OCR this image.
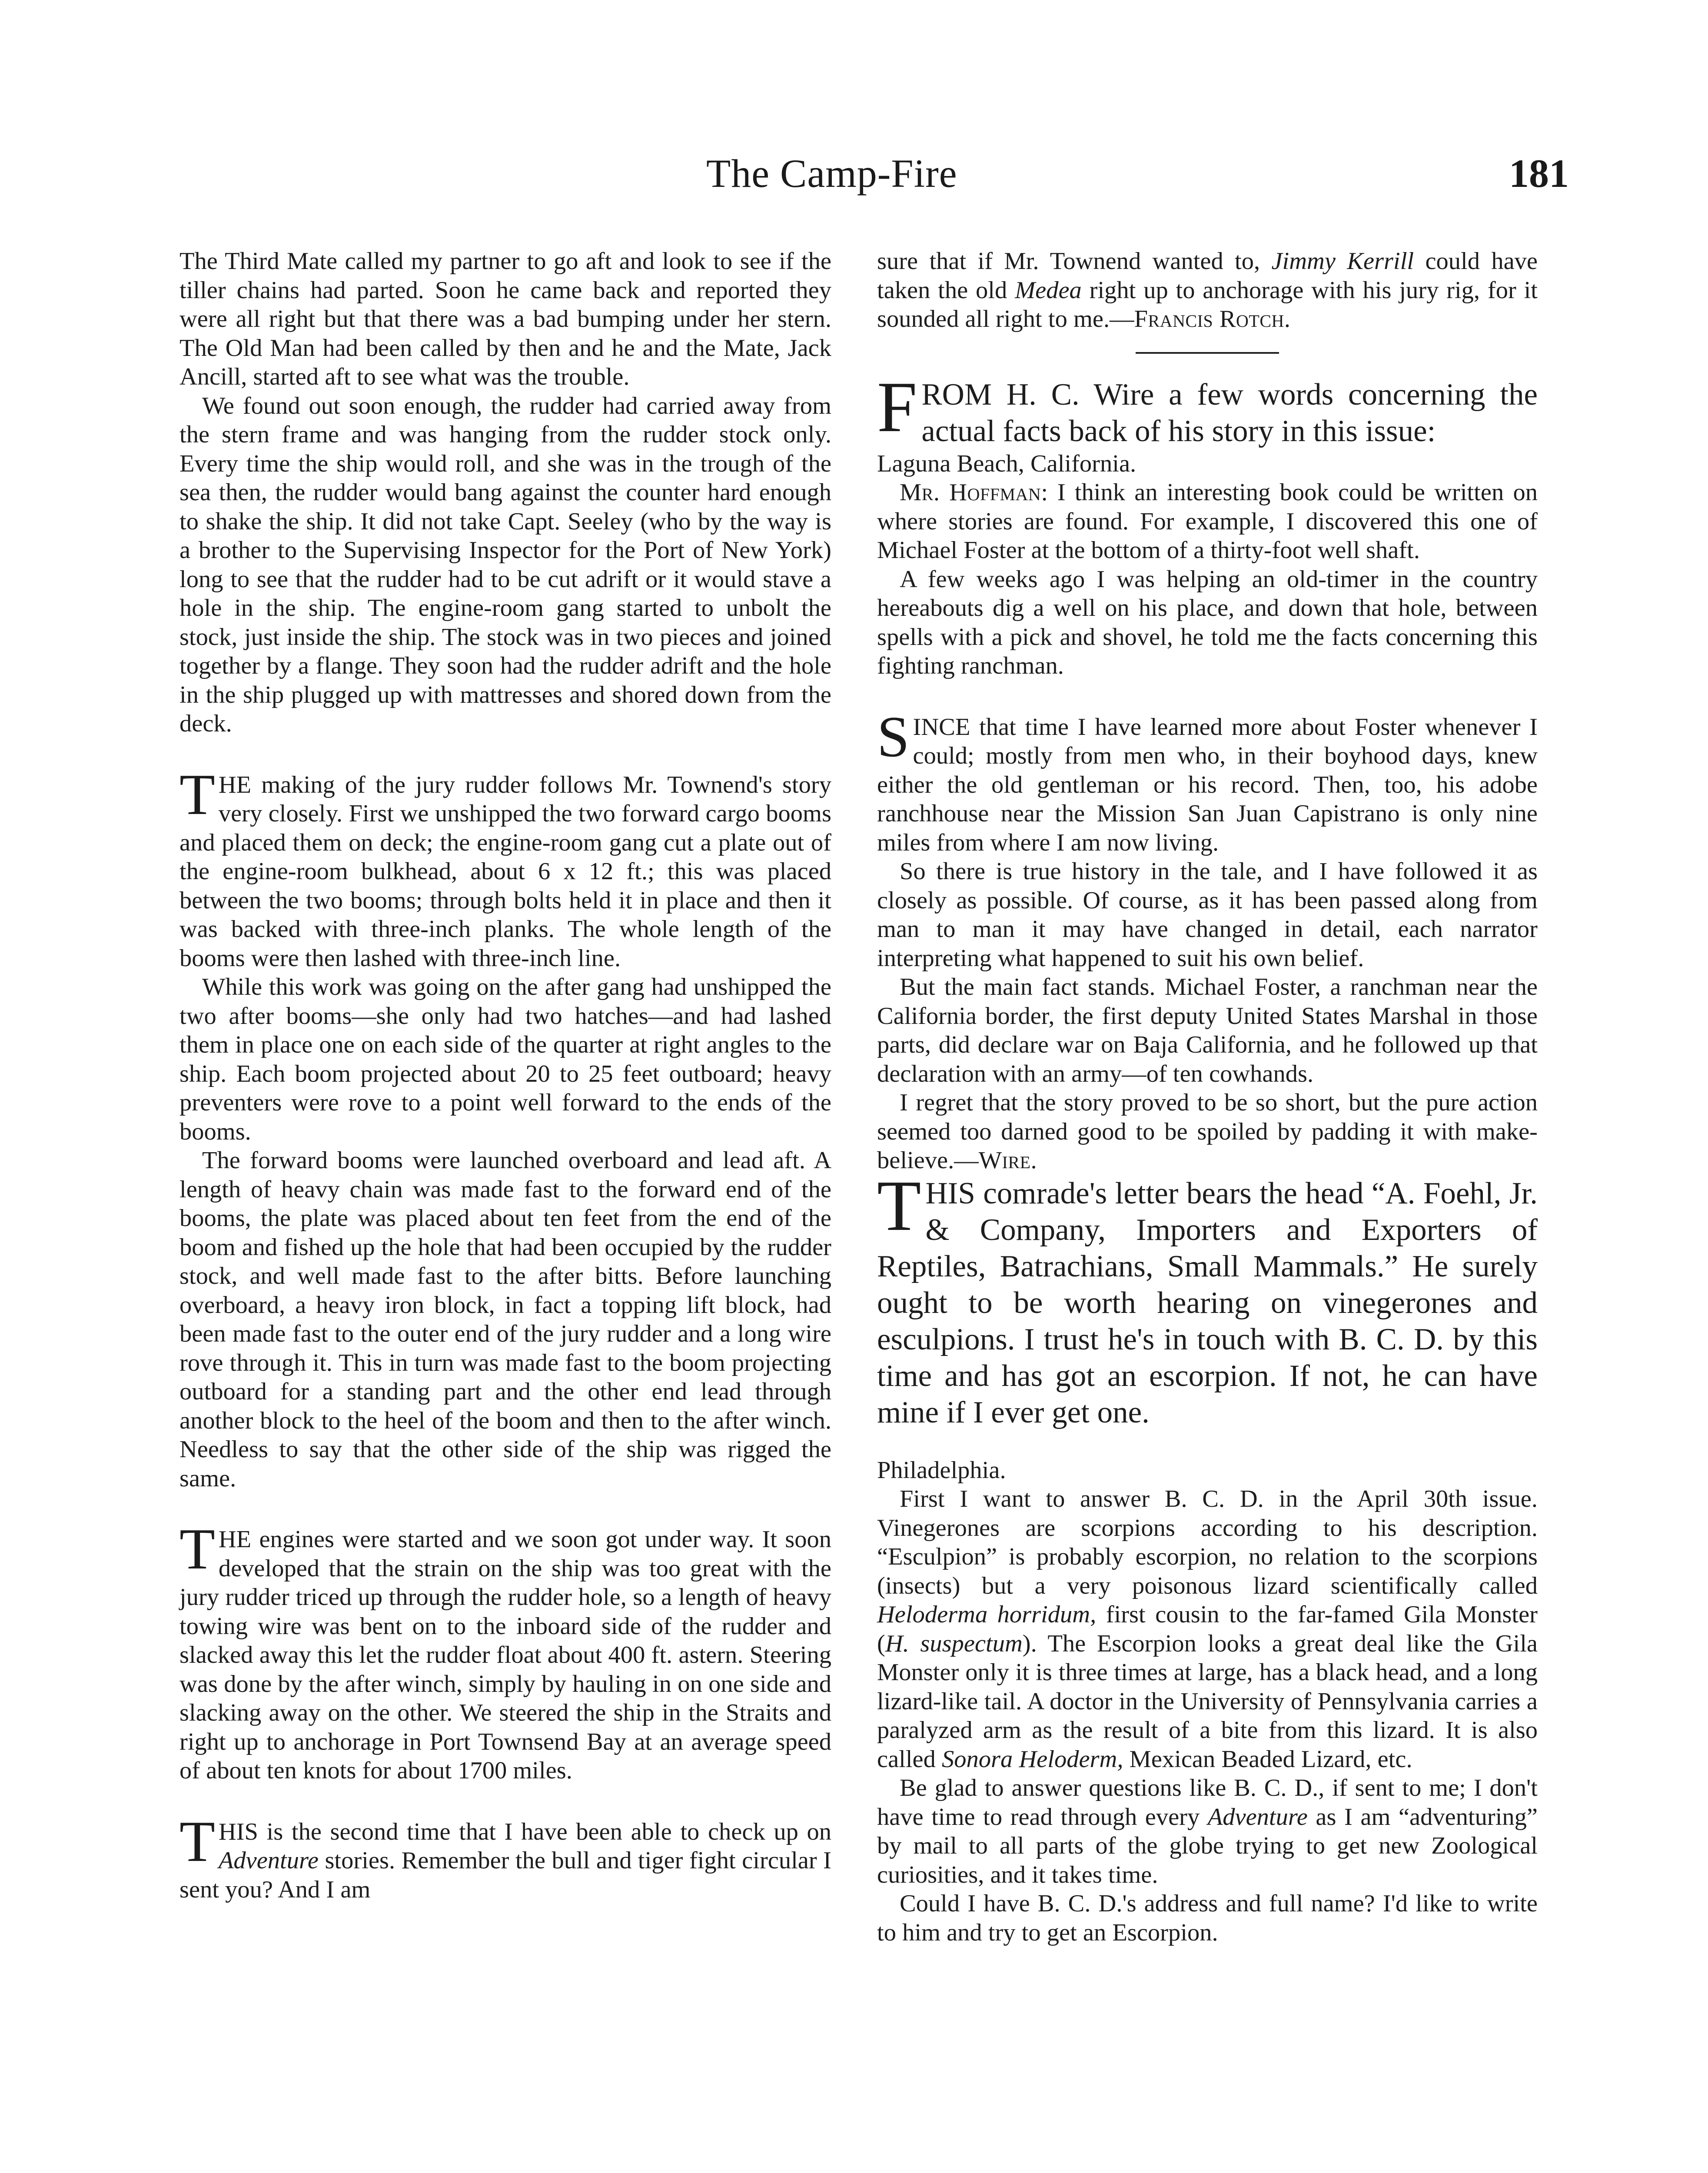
The Camp-Fire	181

The Third Mate called my partner to go aft and look to see if the tiller chains had parted. Soon he came back and reported they were all right but that there was a bad bumping under her stern. The Old Man had been called by then and he and the Mate, Jack Ancill, started aft to see what was the trouble.

We found out soon enough, the rudder had carried away from the stern frame and was hanging from the rudder stock only. Every time the ship would roll, and she was in the trough of the sea then, the rudder would bang against the counter hard enough to shake the ship. It did not take Capt. Seeley (who by the way is a brother to the Supervising Inspector for the Port of New York) long to see that the rudder had to be cut adrift or it would stave a hole in the ship. The engine-room gang started to unbolt the stock, just inside the ship. The stock was in two pieces and joined together by a flange. They soon had the rudder adrift and the hole in the ship plugged up with mattresses and shored down from the deck.

THE making of the jury rudder follows Mr. Townend's story very closely. First we unshipped the two forward cargo booms and placed them on deck; the engine-room gang cut a plate out of the engine-room bulkhead, about 6 x 12 ft.; this was placed between the two booms; through bolts held it in place and then it was backed with three-inch planks. The whole length of the booms were then lashed with three-inch line.

While this work was going on the after gang had unshipped the two after booms—she only had two hatches—and had lashed them in place one on each side of the quarter at right angles to the ship. Each boom projected about 20 to 25 feet outboard; heavy preventers were rove to a point well forward to the ends of the booms.

The forward booms were launched overboard and lead aft. A length of heavy chain was made fast to the forward end of the booms, the plate was placed about ten feet from the end of the boom and fished up the hole that had been occupied by the rudder stock, and well made fast to the after bitts. Before launching overboard, a heavy iron block, in fact a topping lift block, had been made fast to the outer end of the jury rudder and a long wire rove through it. This in turn was made fast to the boom projecting outboard for a standing part and the other end lead through another block to the heel of the boom and then to the after winch. Needless to say that the other side of the ship was rigged the same.

THE engines were started and we soon got under way. It soon developed that the strain on the ship was too great with the jury rudder triced up through the rudder hole, so a length of heavy towing wire was bent on to the inboard side of the rudder and slacked away this let the rudder float about 400 ft. astern. Steering was done by the after winch, simply by hauling in on one side and slacking away on the other. We steered the ship in the Straits and right up to anchorage in Port Townsend Bay at an average speed of about ten knots for about 1700 miles.

THIS is the second time that I have been able to check up on Adventure stories. Remember the bull and tiger fight circular I sent you? And I am

sure that if Mr. Townend wanted to, Jimmy Kerrill could have taken the old Medea right up to anchorage with his jury rig, for it sounded all right to me.—Francis Rotch.

FROM H. C. Wire a few words concerning the actual facts back of his story in this issue:

Laguna Beach, California.

Mr. Hoffman: I think an interesting book could be written on where stories are found. For example, I discovered this one of Michael Foster at the bottom of a thirty-foot well shaft.

A few weeks ago I was helping an old-timer in the country hereabouts dig a well on his place, and down that hole, between spells with a pick and shovel, he told me the facts concerning this fighting ranchman.

SINCE that time I have learned more about Foster whenever I could; mostly from men who, in their boyhood days, knew either the old gentleman or his record. Then, too, his adobe ranchhouse near the Mission San Juan Capistrano is only nine miles from where I am now living.

So there is true history in the tale, and I have followed it as closely as possible. Of course, as it has been passed along from man to man it may have changed in detail, each narrator interpreting what happened to suit his own belief.

But the main fact stands. Michael Foster, a ranchman near the California border, the first deputy United States Marshal in those parts, did declare war on Baja California, and he followed up that declaration with an army—of ten cowhands.

I regret that the story proved to be so short, but the pure action seemed too darned good to be spoiled by padding it with make-believe.—Wire.

THIS comrade's letter bears the head “A. Foehl, Jr. & Company, Importers and Exporters of Reptiles, Batrachians, Small Mammals.” He surely ought to be worth hearing on vinegerones and esculpions. I trust he's in touch with B. C. D. by this time and has got an escorpion. If not, he can have mine if I ever get one.

Philadelphia.

First I want to answer B. C. D. in the April 30th issue. Vinegerones are scorpions according to his description. “Esculpion” is probably escorpion, no relation to the scorpions (insects) but a very poisonous lizard scientifically called Heloderma horridum, first cousin to the far-famed Gila Monster (H. suspectum). The Escorpion looks a great deal like the Gila Monster only it is three times at large, has a black head, and a long lizard-like tail. A doctor in the University of Pennsylvania carries a paralyzed arm as the result of a bite from this lizard. It is also called Sonora Heloderm, Mexican Beaded Lizard, etc.

Be glad to answer questions like B. C. D., if sent to me; I don't have time to read through every Adventure as I am “adventuring” by mail to all parts of the globe trying to get new Zoological curiosities, and it takes time.

Could I have B. C. D.'s address and full name? I'd like to write to him and try to get an Escorpion.
